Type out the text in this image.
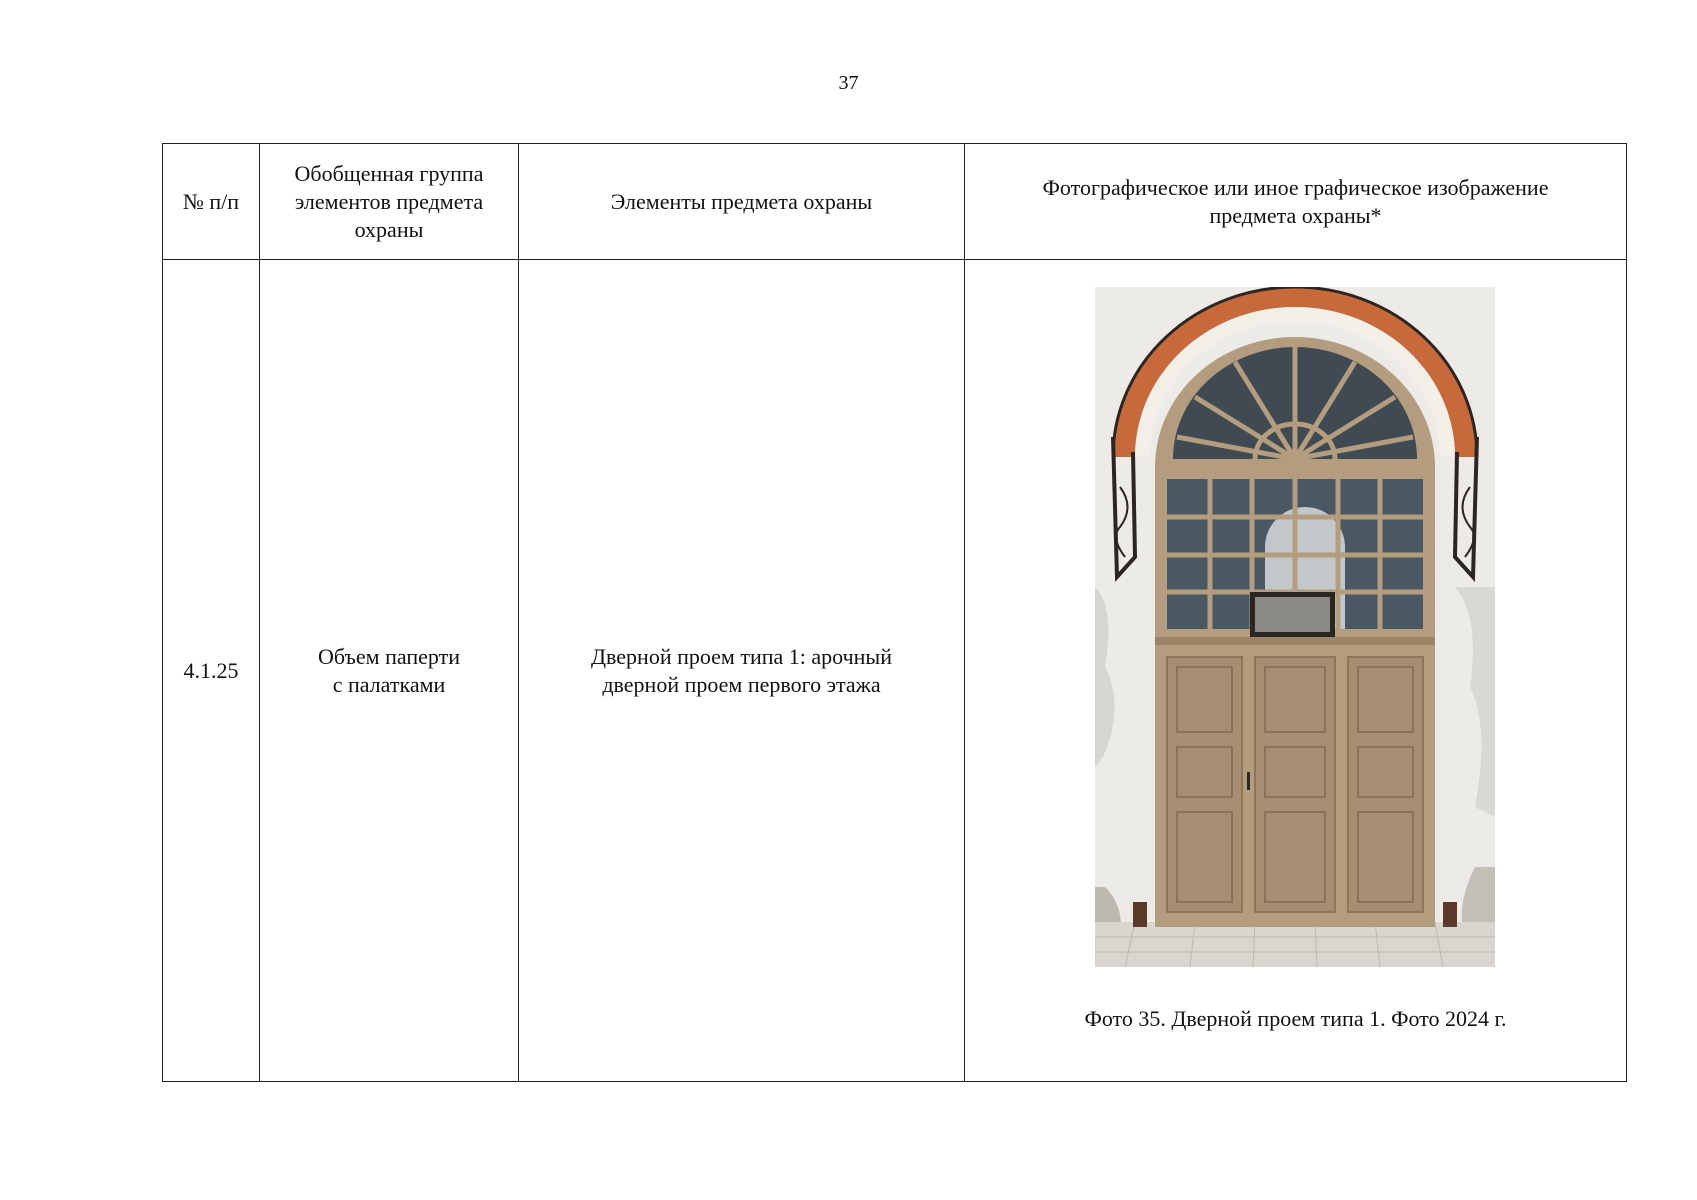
37
№ п/п	Обобщенная группа
элементов предмета
охраны	Элементы предмета охраны	Фотографическое или иное графическое изображение
предмета охраны*
4.1.25	Объем паперти
с палатками	Дверной проем типа 1: арочный
дверной проем первого этажа	Фото 35. Дверной проем типа 1. Фото 2024 г.
